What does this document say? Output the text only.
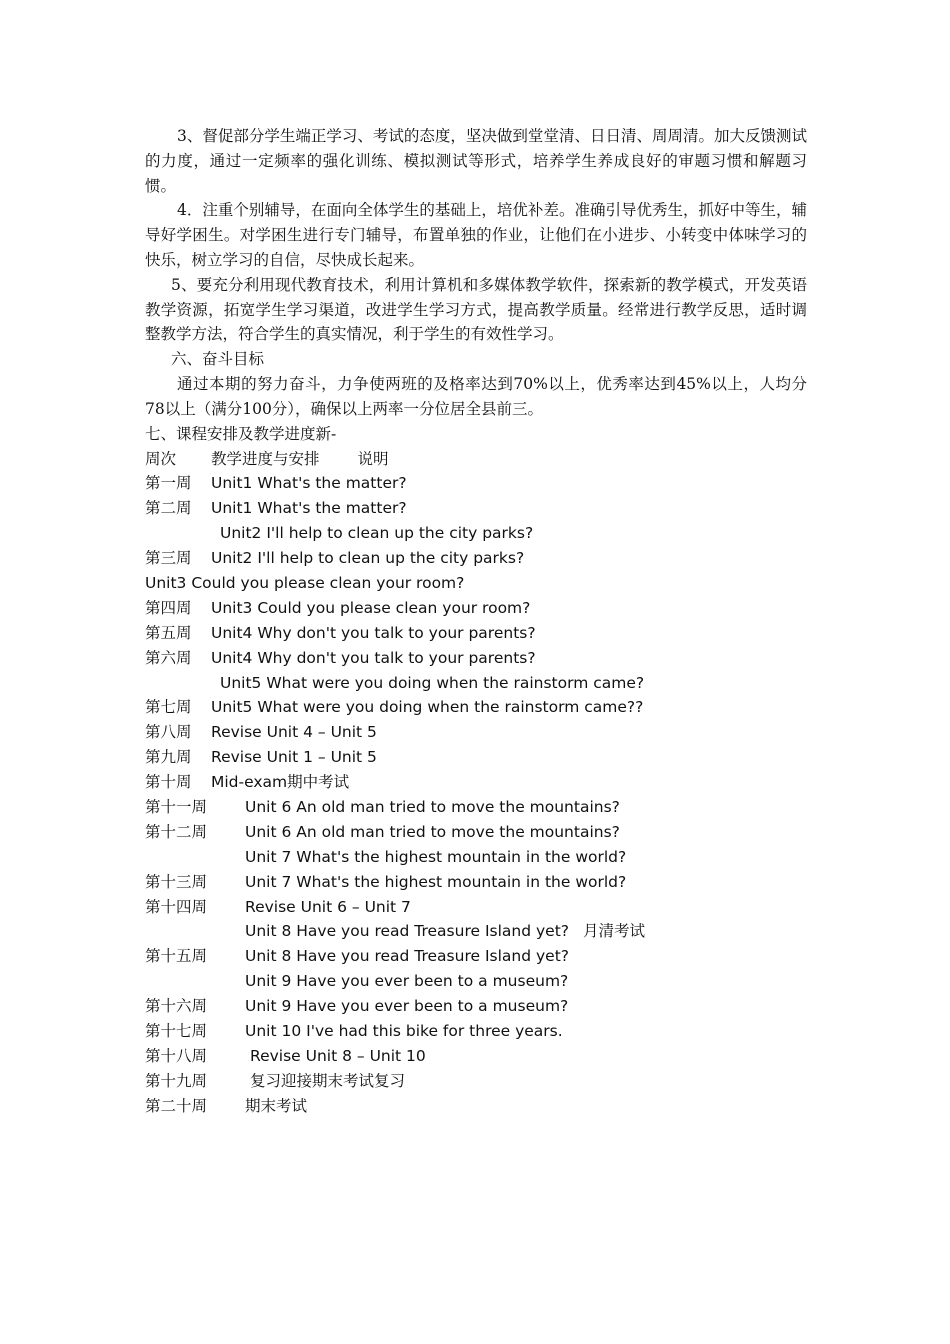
3、督促部分学生端正学习、考试的态度，坚决做到堂堂清、日日清、周周清。加大反馈测试的力度，通过一定频率的强化训练、模拟测试等形式，培养学生养成良好的审题习惯和解题习惯。

4．注重个别辅导，在面向全体学生的基础上，培优补差。准确引导优秀生，抓好中等生，辅导好学困生。对学困生进行专门辅导，布置单独的作业，让他们在小进步、小转变中体味学习的快乐，树立学习的自信，尽快成长起来。

5、要充分利用现代教育技术，利用计算机和多媒体教学软件，探索新的教学模式，开发英语教学资源，拓宽学生学习渠道，改进学生学习方式，提高教学质量。经常进行教学反思，适时调整教学方法，符合学生的真实情况，利于学生的有效性学习。

六、奋斗目标

通过本期的努力奋斗，力争使两班的及格率达到70%以上，优秀率达到45%以上，人均分78以上（满分100分），确保以上两率一分位居全县前三。

七、课程安排及教学进度新-

周次	教学进度与安排 说明
第一周	Unit1 What's the matter?
第二周	Unit1 What's the matter?
Unit2 I'll help to clean up the city parks?
第三周	Unit2 I'll help to clean up the city parks?
Unit3 Could you please clean your room?
第四周	Unit3 Could you please clean your room?
第五周	Unit4 Why don't you talk to your parents?
第六周	Unit4 Why don't you talk to your parents?
Unit5 What were you doing when the rainstorm came?
第七周	Unit5 What were you doing when the rainstorm came??
第八周	Revise Unit 4 – Unit 5
第九周	Revise Unit 1 – Unit 5
第十周	Mid-exam 期中考试
第十一周	Unit 6 An old man tried to move the mountains?
第十二周	Unit 6 An old man tried to move the mountains?
Unit 7 What's the highest mountain in the world?
第十三周	Unit 7 What's the highest mountain in the world?
第十四周	Revise Unit 6 – Unit 7
Unit 8 Have you read Treasure Island yet? 月清考试
第十五周	Unit 8 Have you read Treasure Island yet?
Unit 9 Have you ever been to a museum?
第十六周	Unit 9 Have you ever been to a museum?
第十七周	Unit 10 I've had this bike for three years.
第十八周	Revise Unit 8 – Unit 10
第十九周	复习迎接期末考试复习
第二十周	期末考试
